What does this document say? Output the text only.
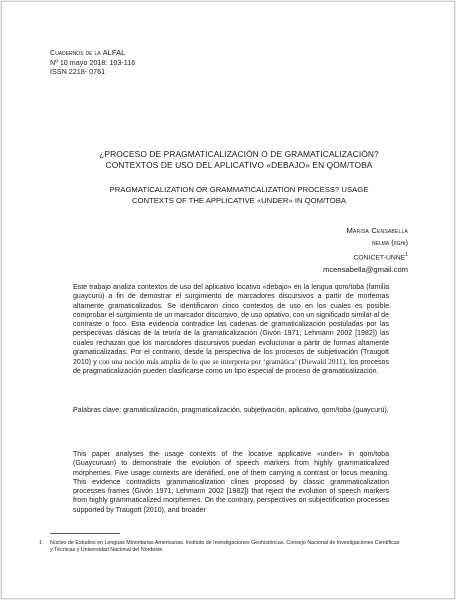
Cuadernos de la ALFAL
Nº 10 mayo 2018: 103-116
ISSN 2218- 0761
¿PROCESO DE PRAGMATICALIZACIÓN O DE GRAMATICALIZACIÓN?
CONTEXTOS DE USO DEL APLICATIVO «DEBAJO» EN QOM/TOBA
PRAGMATICALIZATION OR GRAMMATICALIZATION PROCESS? USAGE
CONTEXTS OF THE APPLICATIVE «UNDER» IN QOM/TOBA
Marisa Censabella
nelma (iighi)
CONICET-UNNE$^1$
mcensabella@gmail.com

Este trabajo analiza contextos de uso del aplicativo locativo «debajo» en la lengua qom/toba (familia guaycurú) a fin de demostrar el surgimiento de marcadores discursivos a partir de morfemas altamente gramaticalizados. Se identificaron cinco contextos de uso en los cuales es posible comprobar el surgimiento de un marcador discursivo, de uso optativo, con un significado similar al de contraste o foco. Esta evidencia contradice las cadenas de gramaticalización postuladas por las perspectivas clásicas de la teoría de la gramaticalización (Givón 1971; Lehmann 2002 [1982]) las cuales rechazan que los marcadores discursivos puedan evolucionar a partir de formas altamente gramaticalizadas. Por el contrario, desde la perspectiva de los procesos de subjetivación (Traugott 2010) y con una noción más amplia de lo que se interpreta por ‘gramática’ (Diewald 2011), los procesos de pragmaticalización pueden clasificarse como un tipo especial de proceso de gramaticalización.

Palabras clave: gramaticalización, pragmaticalización, subjetivación, aplicativo, qom/toba (guaycurú).

This paper analyses the usage contexts of the locative applicative «under» in qom/toba (Guaycuruan) to demonstrate the evolution of speech markers from highly grammaticalized morphemes. Five usage contexts are identified, one of them carrying a contrast or focus meaning. This evidence contradicts grammaticalization clines proposed by classic grammaticalization processes frames (Givón 1971; Lehmann 2002 [1982]) that reject the evolution of speech markers from highly grammaticalized morphemes. On the contrary, perspectives on subjectification processes supported by Traugott (2010), and broader

1 Núcleo de Estudios en Lenguas Minoritarias Americanas. Instituto de Investigaciones Geohistóricas. Consejo Nacional de Investigaciones Científicas y Técnicas y Universidad Nacional del Nordeste.
